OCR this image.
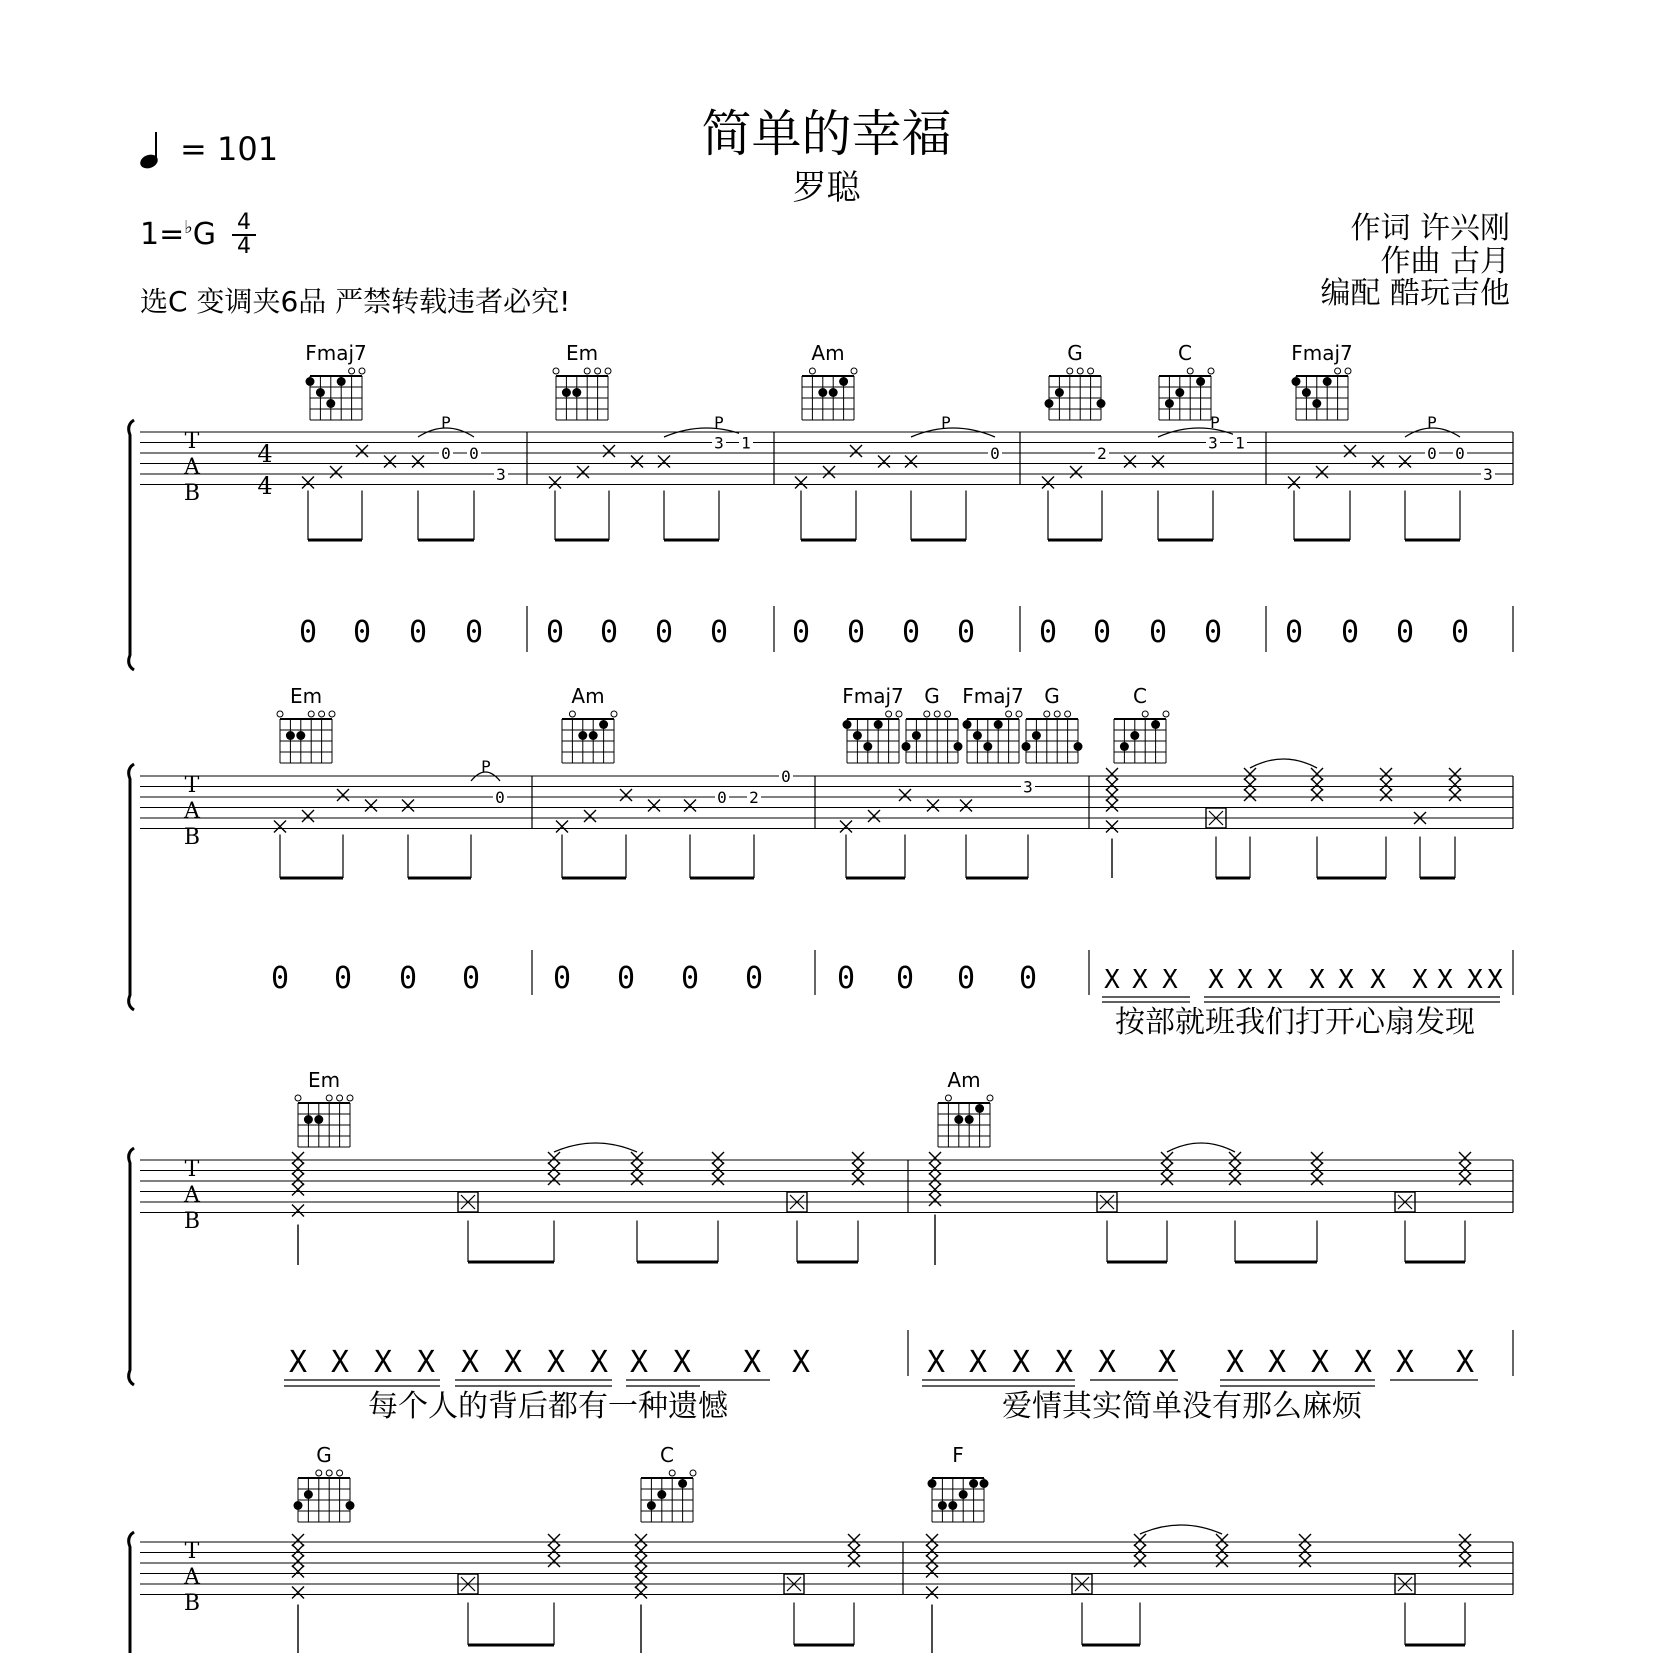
简单的幸福
罗聪
= 101
1=♭G 4
4
选C 变调夹6品 严禁转载违者必究!
作词 许兴刚
作曲 古月
编配 酷玩吉他
T
A
B
4
4
Fmaj7	Em	Am	G	C	Fmaj7
P	P	P	P	P
0 0
3
3 1
0	2
3 1
0 0
3
0 0 0 0 0 0 0 0 0 0 0 0 0 0 0 0 0 0 0 0
T
A
B
Em	Am	Fmaj7 G Fmaj7 G	C
P
0	0 2
0
3
0 0 0 0 0 0 0 0 0 0 0 0	X X X X X X X X X X X X X
按部就班我们打开心扇发现
T
A
B
Em	Am
X X X X X X X X X X X X	X X X X X X X X X X X X
每个人的背后都有一种遗憾	爱情其实简单没有那么麻烦
T
A
B
G	C	F
